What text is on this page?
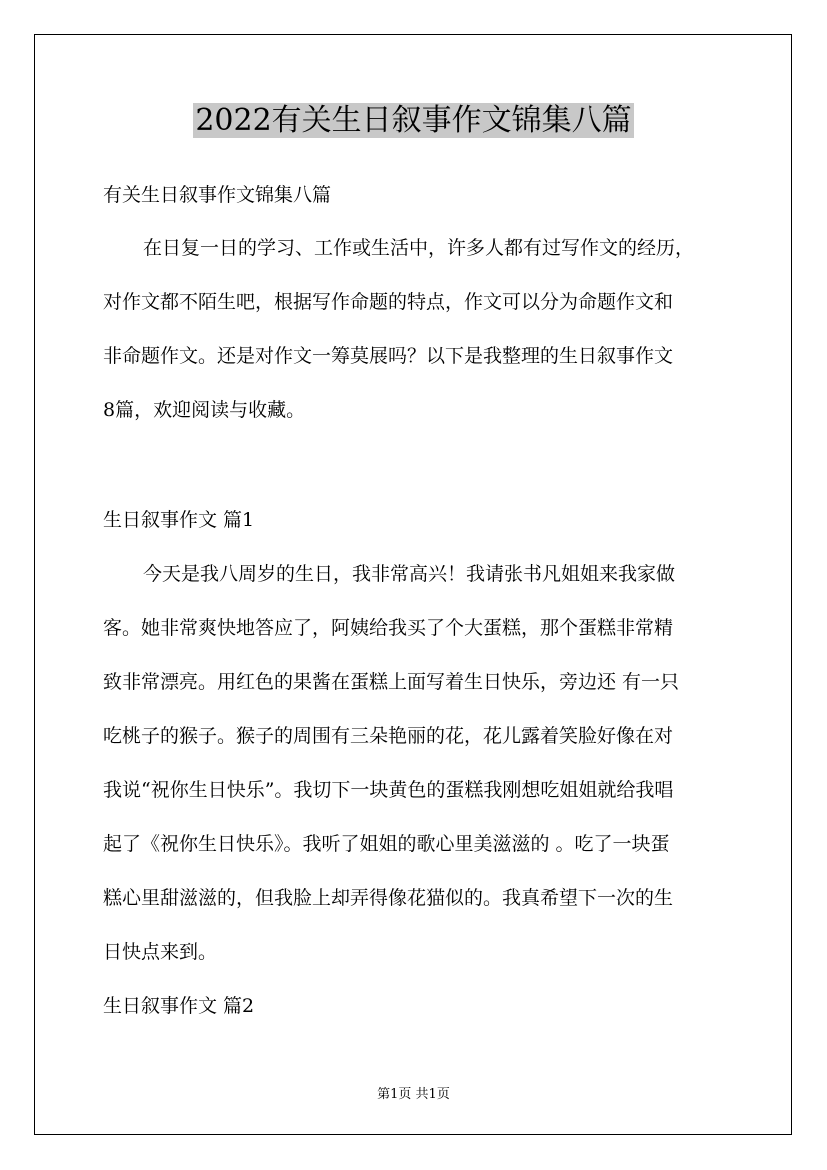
2022有关生日叙事作文锦集八篇
有关生日叙事作文锦集八篇
在日复一日的学习、工作或生活中，许多人都有过写作文的经历，
对作文都不陌生吧，根据写作命题的特点，作文可以分为命题作文和
非命题作文。还是对作文一筹莫展吗？以下是我整理的生日叙事作文
8篇，欢迎阅读与收藏。
生日叙事作文 篇1
今天是我八周岁的生日，我非常高兴！我请张书凡姐姐来我家做
客。她非常爽快地答应了，阿姨给我买了个大蛋糕，那个蛋糕非常精
致非常漂亮。用红色的果酱在蛋糕上面写着生日快乐，旁边还 有一只
吃桃子的猴子。猴子的周围有三朵艳丽的花，花儿露着笑脸好像在对
我说“祝你生日快乐”。我切下一块黄色的蛋糕我刚想吃姐姐就给我唱
起了《祝你生日快乐》。我听了姐姐的歌心里美滋滋的 。吃了一块蛋
糕心里甜滋滋的，但我脸上却弄得像花猫似的。我真希望下一次的生
日快点来到。
生日叙事作文 篇2
第1页 共1页
